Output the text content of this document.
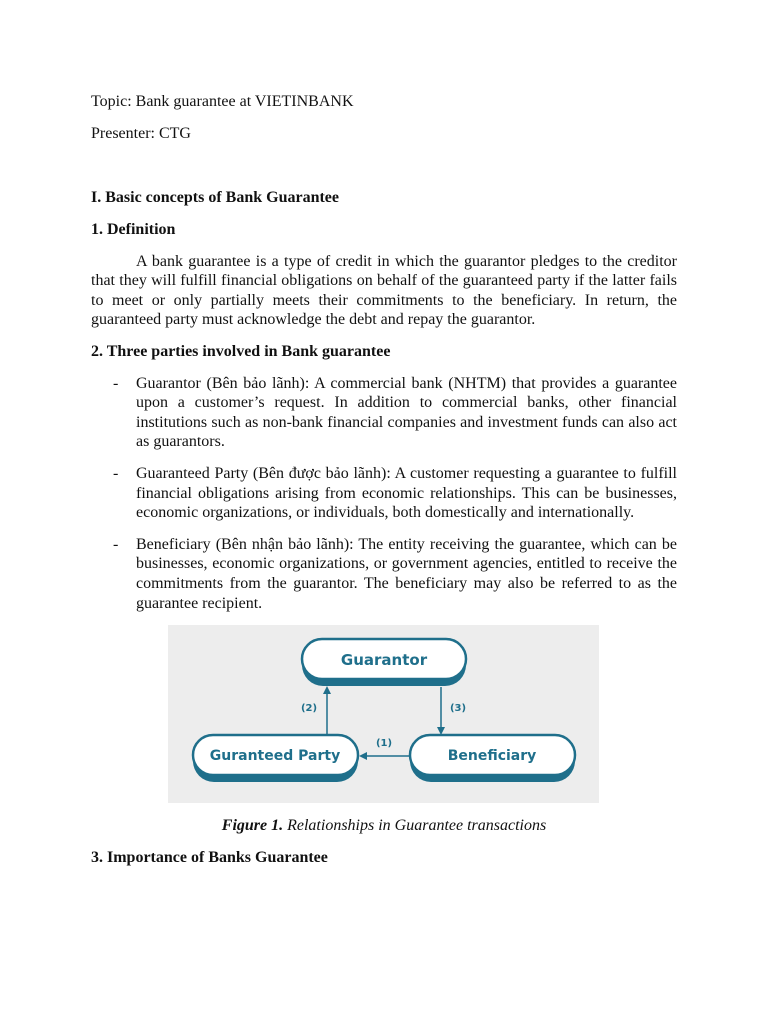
Topic: Bank guarantee at VIETINBANK

Presenter: CTG

I. Basic concepts of Bank Guarantee

1. Definition

A bank guarantee is a type of credit in which the guarantor pledges to the creditor that they will fulfill financial obligations on behalf of the guaranteed party if the latter fails to meet or only partially meets their commitments to the beneficiary. In return, the guaranteed party must acknowledge the debt and repay the guarantor.

2. Three parties involved in Bank guarantee

- Guarantor (Bên bảo lãnh): A commercial bank (NHTM) that provides a guarantee upon a customer’s request. In addition to commercial banks, other financial institutions such as non-bank financial companies and investment funds can also act as guarantors.
- Guaranteed Party (Bên được bảo lãnh): A customer requesting a guarantee to fulfill financial obligations arising from economic relationships. This can be businesses, economic organizations, or individuals, both domestically and internationally.
- Beneficiary (Bên nhận bảo lãnh): The entity receiving the guarantee, which can be businesses, economic organizations, or government agencies, entitled to receive the commitments from the guarantor. The beneficiary may also be referred to as the guarantee recipient.
Guarantor
Guranteed Party	Beneficiary
(2)	(3)
(1)

Figure 1. Relationships in Guarantee transactions

3. Importance of Banks Guarantee
